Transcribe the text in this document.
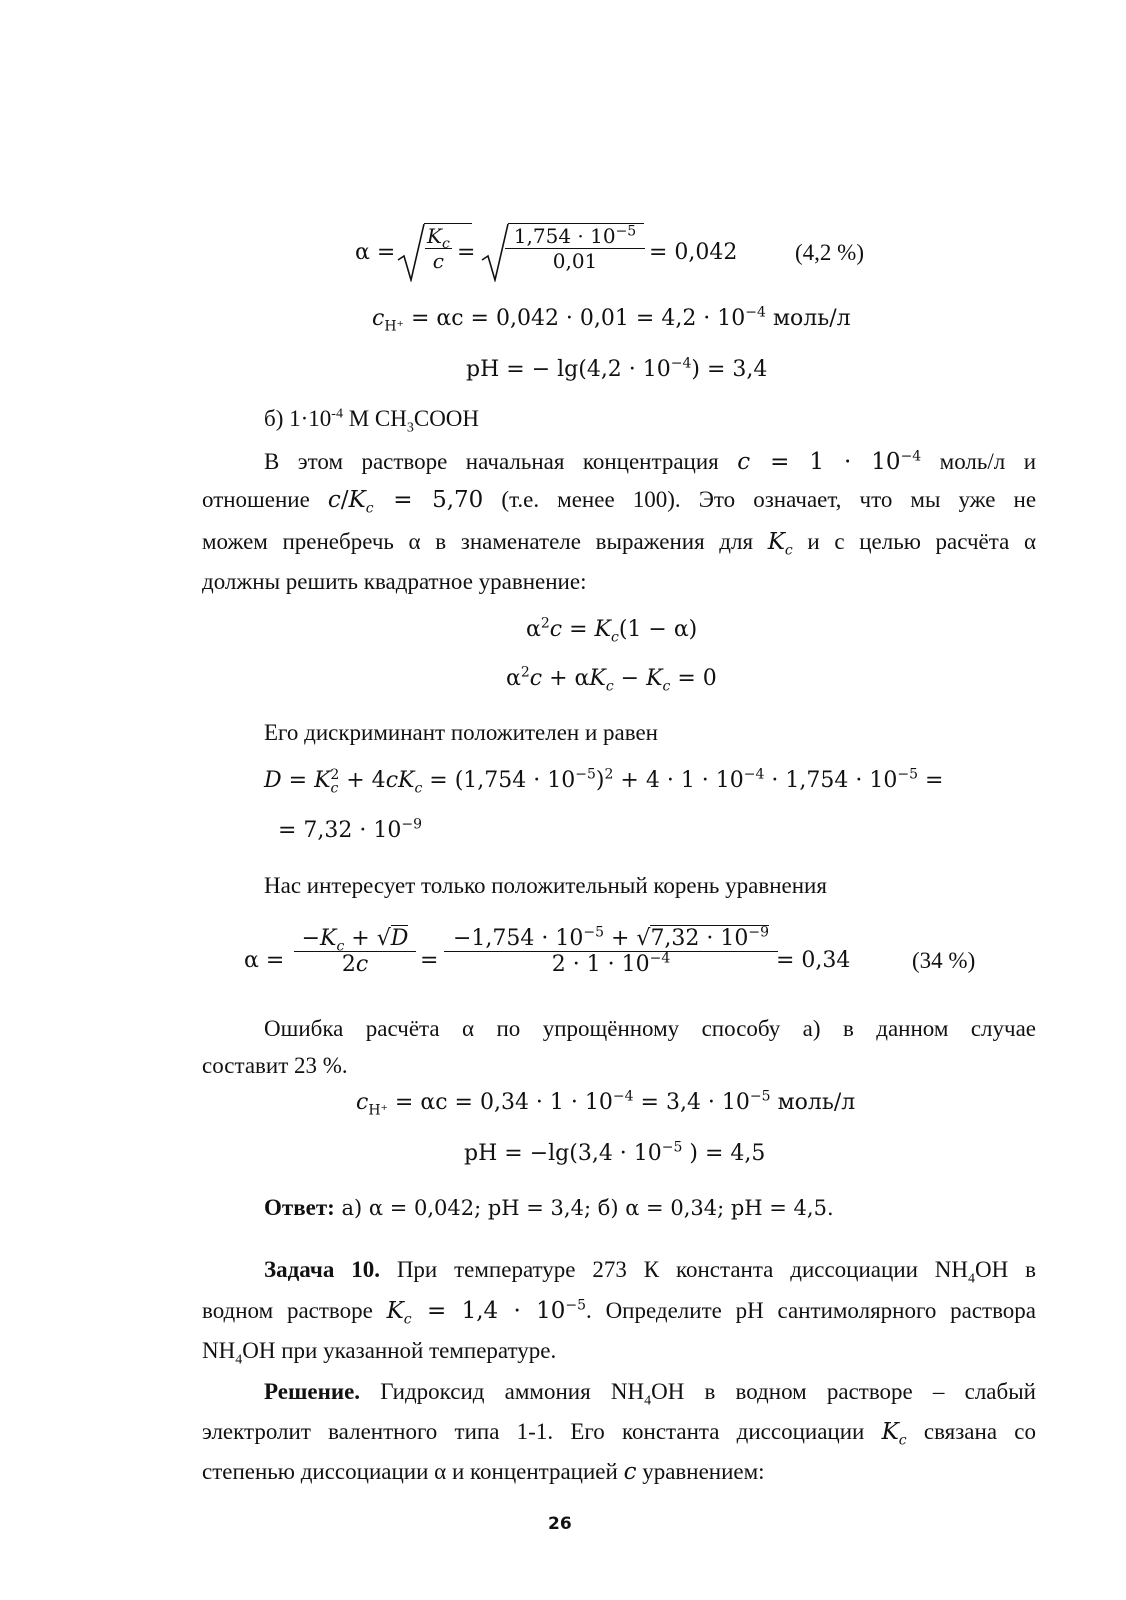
$\alpha = \frac{K_c}{c} = \frac{1,754 \cdot 10^{-5}}{0,01} = 0,042$	(4,2 %)
$c_{H^+} = \alpha c = 0,042 \cdot 0,01 = 4,2 \cdot 10^{-4}$ моль/л
pH = − $\lg(4,2 \cdot 10^{-4}) = 3,4$
б) $1\cdot 10^{-4}$ M $CH_3COOH$
В этом растворе начальная концентрация $c = 1 \cdot 10^{-4}$ моль/л и
отношение $c/K_c = 5,70$ (т.е. менее 100). Это означает, что мы уже не
можем пренебречь α в знаменателе выражения для $K_c$ и с целью расчёта α
должны решить квадратное уравнение:
$\alpha^2c = K_c(1 - \alpha)$
$\alpha^2c + \alpha K_c - K_c = 0$
Его дискриминант положителен и равен
$D = K_c^2 + 4cK_c = (1,754 \cdot 10^{-5})^2 + 4 \cdot 1 \cdot 10^{-4} \cdot 1,754 \cdot 10^{-5}$ =
= $7,32 \cdot 10^{-9}$
Нас интересует только положительный корень уравнения
$\alpha = \frac{-K_c + √D}{2c} = \frac{-1,754 \cdot 10^{-5} + √7,32 \cdot 10^{-9}}{2 \cdot 1 \cdot 10^{-4}}$
= 0,34	(34 %)
Ошибка расчёта α по упрощённому способу а) в данном случае
составит 23 %.
$c_{H^+} = \alpha c = 0,34 \cdot 1 \cdot 10^{-4} = 3,4 \cdot 10^{-5}$ моль/л
pH = $-\lg(3,4 \cdot 10^{-5}$ ) = 4,5
Ответ: а) α = 0,042; pH = 3,4; б) α = 0,34; pH = 4,5.
Задача 10. При температуре 273 К константа диссоциации $NH_4OH$ в
водном растворе $K_c = 1,4 \cdot 10^{-5}$. Определите pH сантимолярного раствора
$NH_4OH$ при указанной температуре.
Решение. Гидроксид аммония $NH_4OH$ в водном растворе – слабый
электролит валентного типа 1-1. Его константа диссоциации $K_c$ связана со
степенью диссоциации α и концентрацией c уравнением:
26
